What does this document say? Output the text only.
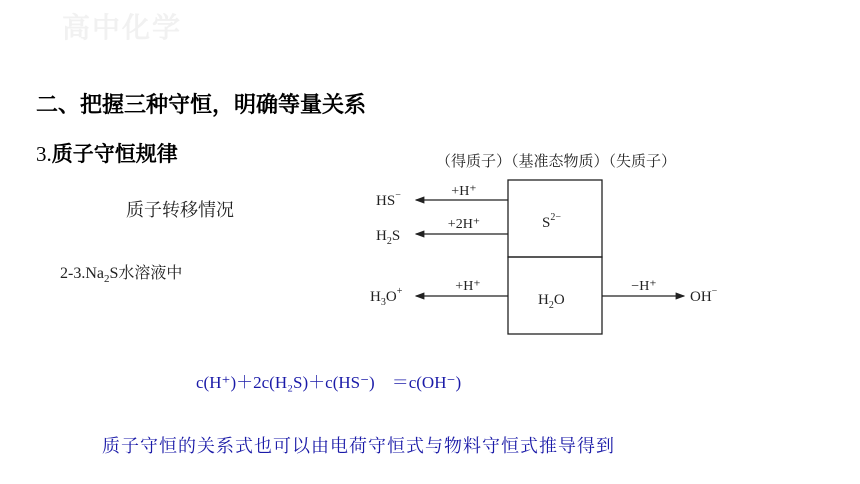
高中化学
二、把握三种守恒，明确等量关系
3.质子守恒规律
质子转移情况
$2-3.Na_2S$水溶液中
（得质子）（基准态物质）（失质子）
$S^{2-}$
$H_2O$
+H⁺
+2H⁺
+H⁺	−H⁺
HS−
$H_2S$
$H_3O^+$	OH−
c(H⁺)＋2c(H₂S)＋c(HS⁻)　＝c(OH⁻)
质子守恒的关系式也可以由电荷守恒式与物料守恒式推导得到
